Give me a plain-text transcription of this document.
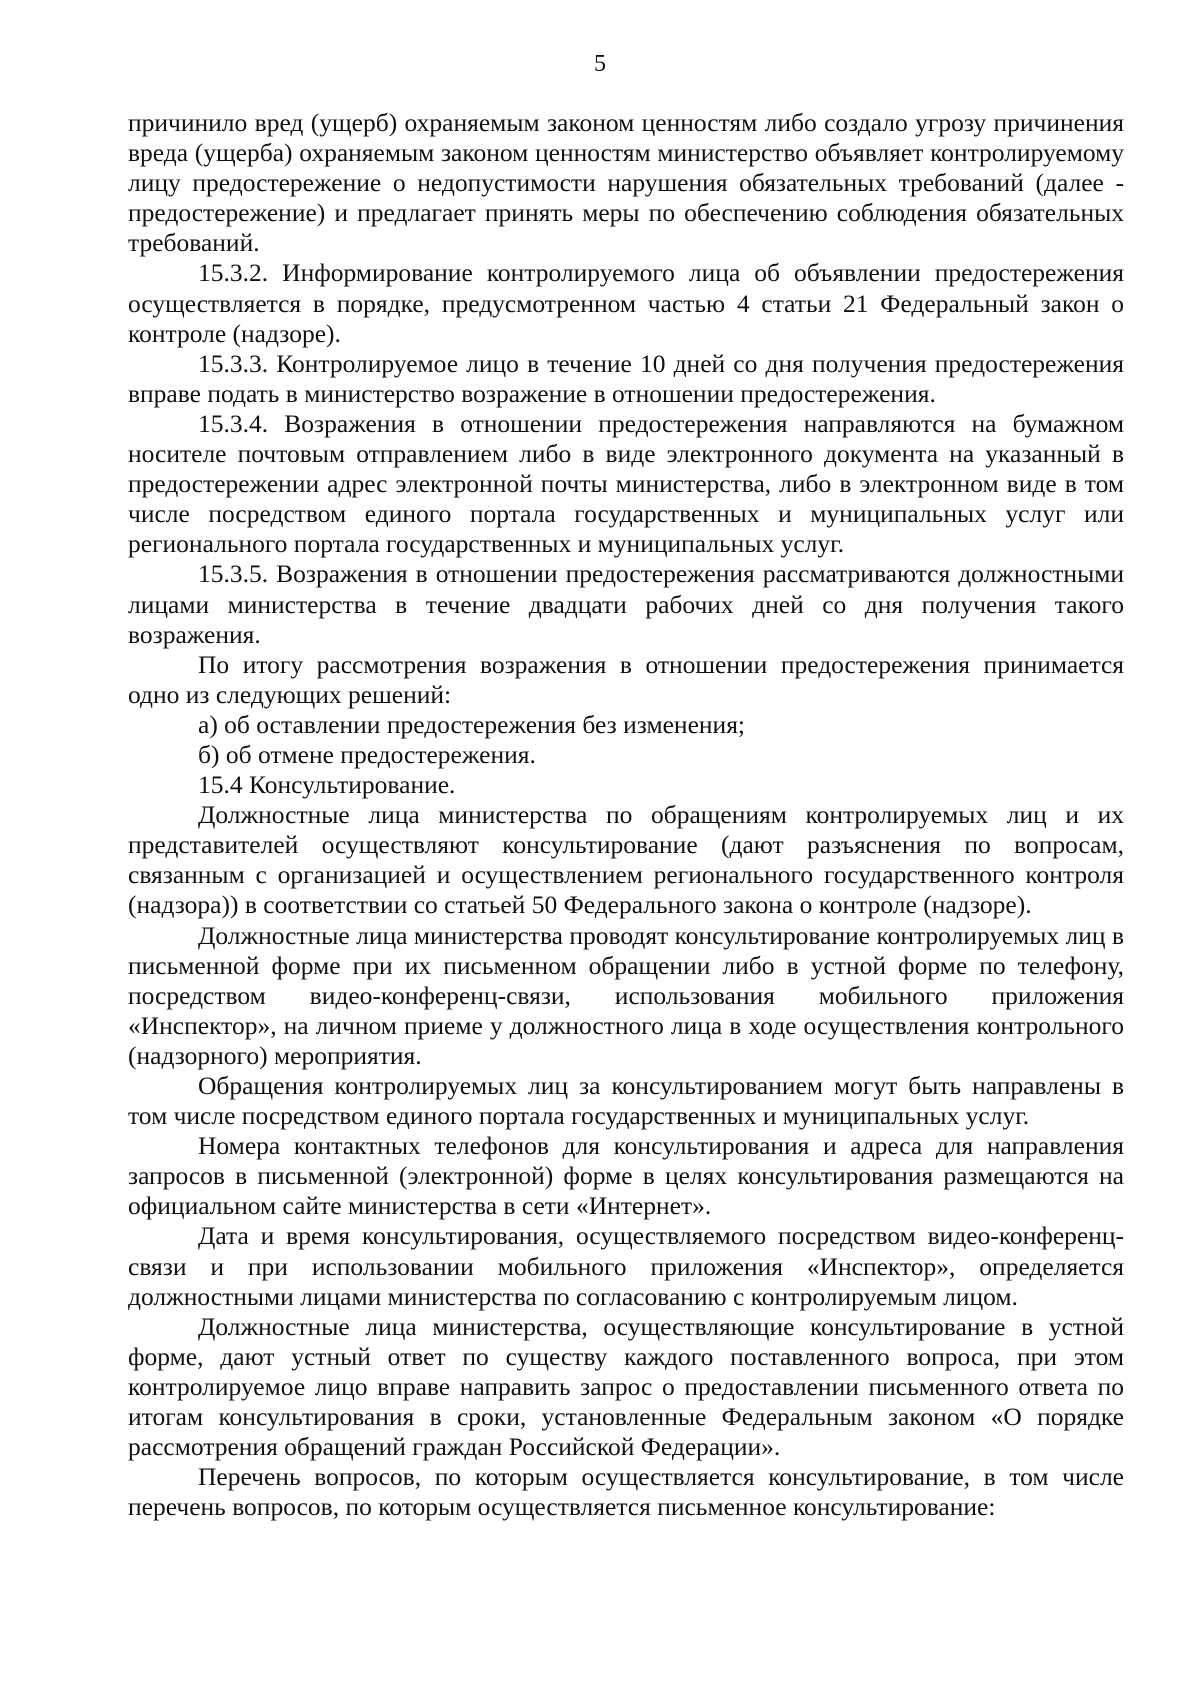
5

причинило вред (ущерб) охраняемым законом ценностям либо создало угрозу причинения вреда (ущерба) охраняемым законом ценностям министерство объявляет контролируемому лицу предостережение о недопустимости нарушения обязательных требований (далее - предостережение) и предлагает принять меры по обеспечению соблюдения обязательных требований.

15.3.2. Информирование контролируемого лица об объявлении предостережения осуществляется в порядке, предусмотренном частью 4 статьи 21 Федеральный закон о контроле (надзоре).

15.3.3. Контролируемое лицо в течение 10 дней со дня получения предостережения вправе подать в министерство возражение в отношении предостережения.

15.3.4. Возражения в отношении предостережения направляются на бумажном носителе почтовым отправлением либо в виде электронного документа на указанный в предостережении адрес электронной почты министерства, либо в электронном виде в том числе посредством единого портала государственных и муниципальных услуг или регионального портала государственных и муниципальных услуг.

15.3.5. Возражения в отношении предостережения рассматриваются должностными лицами министерства в течение двадцати рабочих дней со дня получения такого возражения.

По итогу рассмотрения возражения в отношении предостережения принимается одно из следующих решений:

а) об оставлении предостережения без изменения;

б) об отмене предостережения.

15.4 Консультирование.

Должностные лица министерства по обращениям контролируемых лиц и их представителей осуществляют консультирование (дают разъяснения по вопросам, связанным с организацией и осуществлением регионального государственного контроля (надзора)) в соответствии со статьей 50 Федерального закона о контроле (надзоре).

Должностные лица министерства проводят консультирование контролируемых лиц в письменной форме при их письменном обращении либо в устной форме по телефону, посредством видео-конференц-связи, использования мобильного приложения «Инспектор», на личном приеме у должностного лица в ходе осуществления контрольного (надзорного) мероприятия.

Обращения контролируемых лиц за консультированием могут быть направлены в том числе посредством единого портала государственных и муниципальных услуг.

Номера контактных телефонов для консультирования и адреса для направления запросов в письменной (электронной) форме в целях консультирования размещаются на официальном сайте министерства в сети «Интернет».

Дата и время консультирования, осуществляемого посредством видео-конференц-связи и при использовании мобильного приложения «Инспектор», определяется должностными лицами министерства по согласованию с контролируемым лицом.

Должностные лица министерства, осуществляющие консультирование в устной форме, дают устный ответ по существу каждого поставленного вопроса, при этом контролируемое лицо вправе направить запрос о предоставлении письменного ответа по итогам консультирования в сроки, установленные Федеральным законом «О порядке рассмотрения обращений граждан Российской Федерации».

Перечень вопросов, по которым осуществляется консультирование, в том числе перечень вопросов, по которым осуществляется письменное консультирование:
